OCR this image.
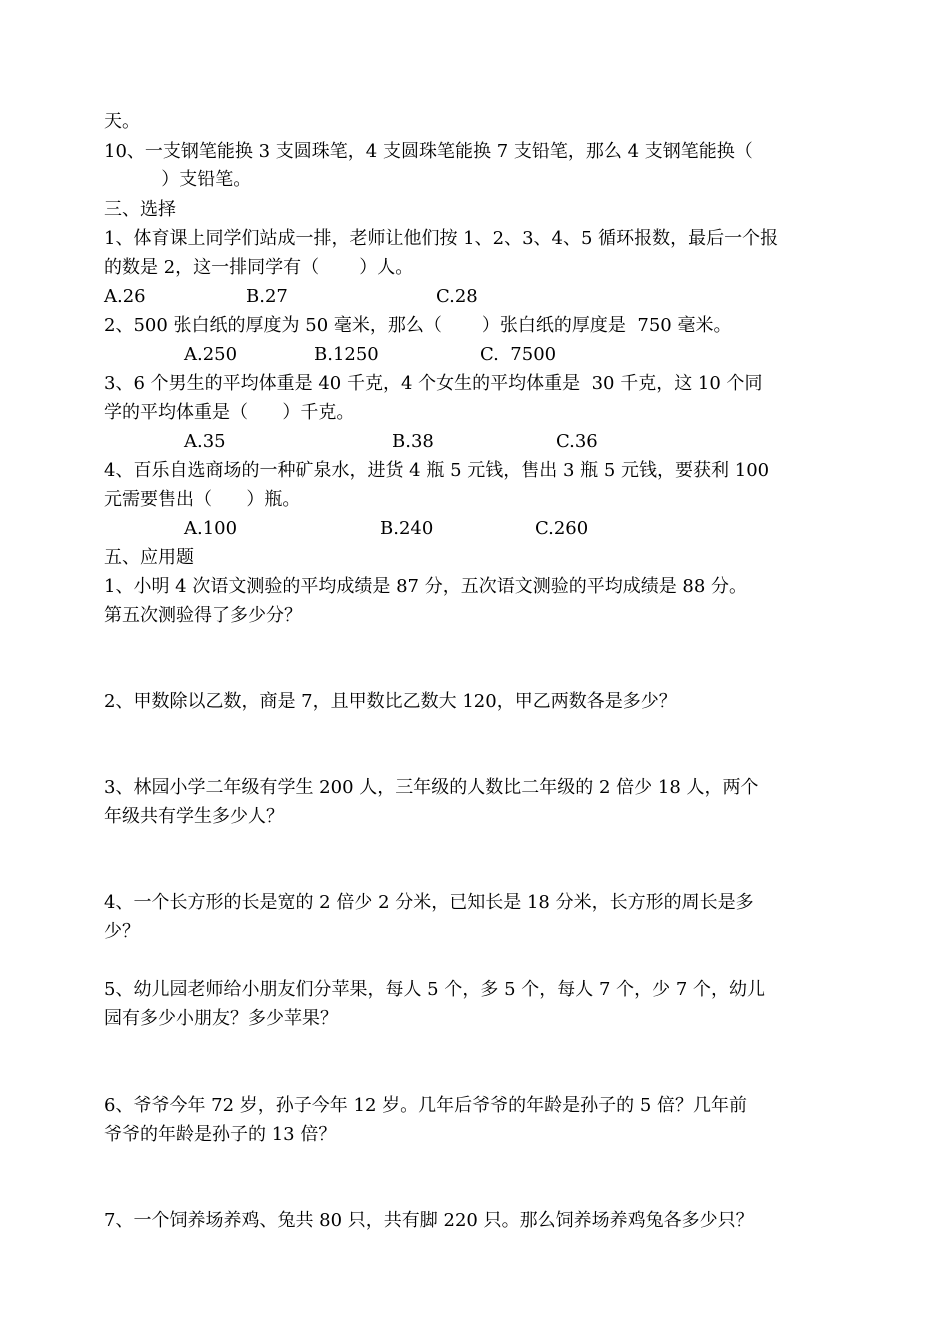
天。
10、一支钢笔能换 3 支圆珠笔，4 支圆珠笔能换 7 支铅笔，那么 4 支钢笔能换（
）支铅笔。
三、选择
1、体育课上同学们站成一排，老师让他们按 1、2、3、4、5 循环报数，最后一个报
的数是 2，这一排同学有（       ）人。
A.26	B.27	C.28
2、500 张白纸的厚度为 50 毫米，那么（       ）张白纸的厚度是  750 毫米。
A.250	B.1250	C.  7500
3、6 个男生的平均体重是 40 千克，4 个女生的平均体重是  30 千克，这 10 个同
学的平均体重是（      ）千克。
A.35	B.38	C.36
4、百乐自选商场的一种矿泉水，进货 4 瓶 5 元钱，售出 3 瓶 5 元钱，要获利 100
元需要售出（      ）瓶。
A.100	B.240	C.260
五、应用题
1、小明 4 次语文测验的平均成绩是 87 分，五次语文测验的平均成绩是 88 分。
第五次测验得了多少分？
2、甲数除以乙数，商是 7，且甲数比乙数大 120，甲乙两数各是多少？
3、林园小学二年级有学生 200 人，三年级的人数比二年级的 2 倍少 18 人，两个
年级共有学生多少人？
4、一个长方形的长是宽的 2 倍少 2 分米，已知长是 18 分米，长方形的周长是多
少？
5、幼儿园老师给小朋友们分苹果，每人 5 个，多 5 个，每人 7 个，少 7 个，幼儿
园有多少小朋友？多少苹果？
6、爷爷今年 72 岁，孙子今年 12 岁。几年后爷爷的年龄是孙子的 5 倍？几年前
爷爷的年龄是孙子的 13 倍？
7、一个饲养场养鸡、兔共 80 只，共有脚 220 只。那么饲养场养鸡兔各多少只？
